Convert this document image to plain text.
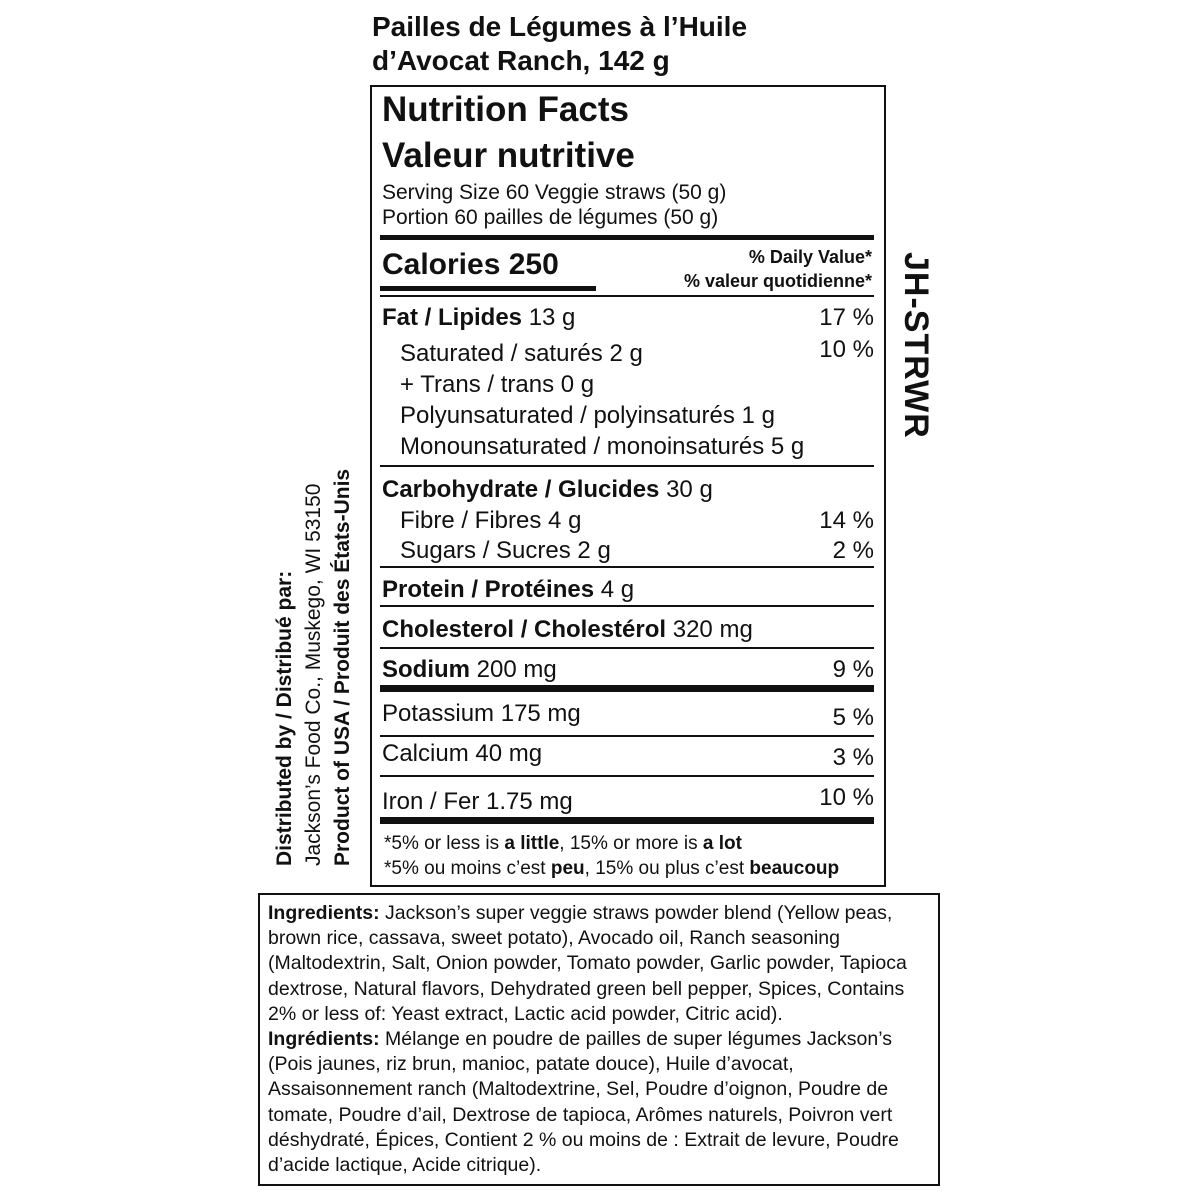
Pailles de Légumes à l’Huile
d’Avocat Ranch, 142 g
Nutrition Facts
Valeur nutritive
Serving Size 60 Veggie straws (50 g)
Portion 60 pailles de légumes (50 g)
Calories 250	% Daily Value*
% valeur quotidienne*
Fat / Lipides 13 g	17 %
Saturated / saturés 2 g	10 %
+ Trans / trans 0 g
Polyunsaturated / polyinsaturés 1 g
Monounsaturated / monoinsaturés 5 g
Carbohydrate / Glucides 30 g
Fibre / Fibres 4 g	14 %
Sugars / Sucres 2 g	2 %
Protein / Protéines 4 g
Cholesterol / Cholestérol 320 mg
Sodium 200 mg	9 %
Potassium 175 mg	5 %
Calcium 40 mg	3 %
Iron / Fer 1.75 mg	10 %
*5% or less is a little, 15% or more is a lot
*5% ou moins c’est peu, 15% ou plus c’est beaucoup
Distributed by / Distribué par: Jackson’s Food Co., Muskego, WI 53150 Product of USA / Produit des États-Unis
JH-STRWR
Ingredients: Jackson’s super veggie straws powder blend (Yellow peas, brown rice, cassava, sweet potato), Avocado oil, Ranch seasoning (Maltodextrin, Salt, Onion powder, Tomato powder, Garlic powder, Tapioca dextrose, Natural flavors, Dehydrated green bell pepper, Spices, Contains 2% or less of: Yeast extract, Lactic acid powder, Citric acid).
Ingrédients: Mélange en poudre de pailles de super légumes Jackson’s (Pois jaunes, riz brun, manioc, patate douce), Huile d’avocat, Assaisonnement ranch (Maltodextrine, Sel, Poudre d’oignon, Poudre de tomate, Poudre d’ail, Dextrose de tapioca, Arômes naturels, Poivron vert déshydraté, Épices, Contient 2 % ou moins de : Extrait de levure, Poudre d’acide lactique, Acide citrique).
